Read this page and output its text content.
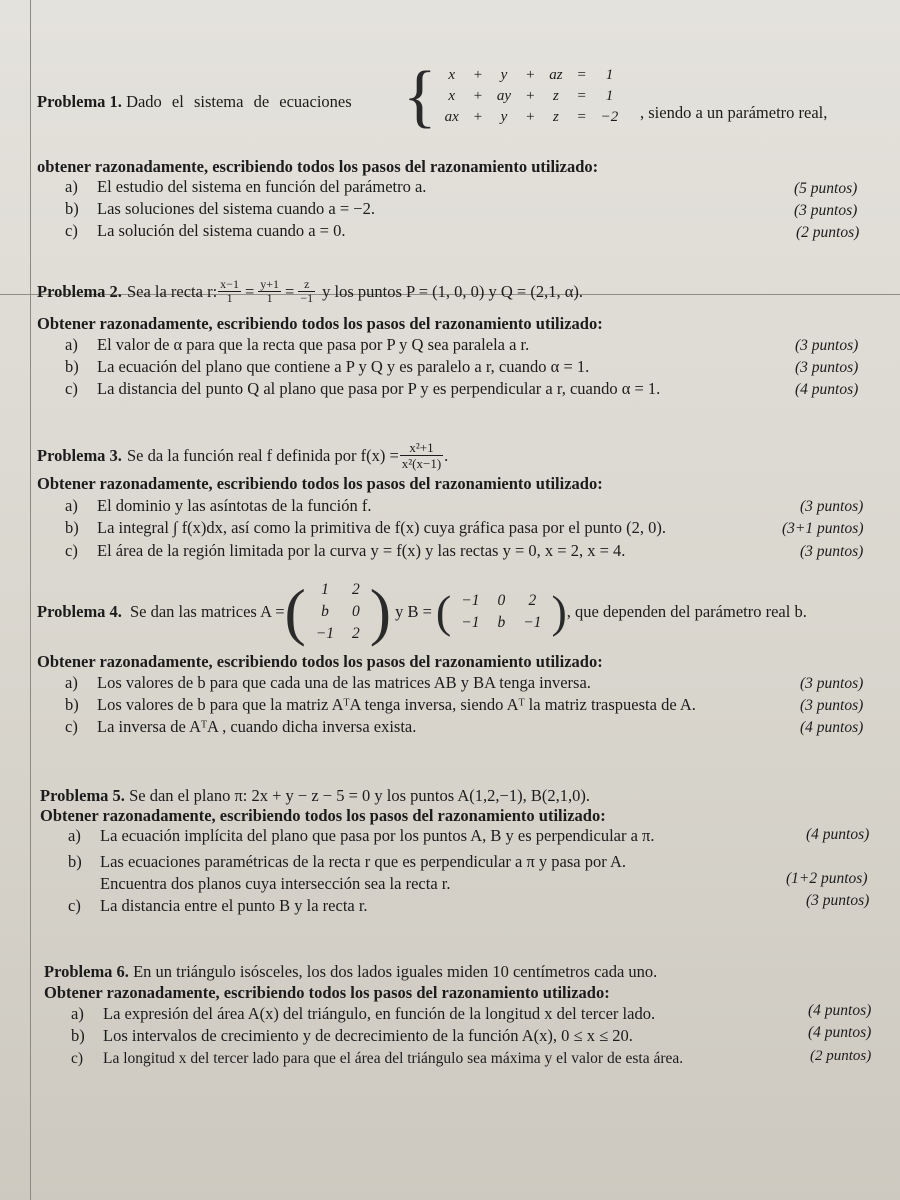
Problema 1. Dado el sistema de ecuaciones { x	+	y	+	az	=	1
x	+	ay	+	z	=	1
ax	+	y	+	z	=	−2 , siendo a un parámetro real,
obtener razonadamente, escribiendo todos los pasos del razonamiento utilizado:
a) El estudio del sistema en función del parámetro a.	(5 puntos)
b) Las soluciones del sistema cuando a = −2.	(3 puntos)
c) La solución del sistema cuando a = 0.	(2 puntos)
Problema 2. Sea la recta r: $\frac{x-1}{1} = \frac{y+1}{1} = \frac{z}{-1}$ y los puntos P = (1, 0, 0) y Q = (2,1, α).
Obtener razonadamente, escribiendo todos los pasos del razonamiento utilizado:
a) El valor de α para que la recta que pasa por P y Q sea paralela a r.	(3 puntos)
b) La ecuación del plano que contiene a P y Q y es paralelo a r, cuando α = 1.	(3 puntos)
c) La distancia del punto Q al plano que pasa por P y es perpendicular a r, cuando α = 1.	(4 puntos)
Problema 3. Se da la función real f definida por $f(x) = \frac{\text{x²+1}}{\text{x²(x−1)}}$ .
Obtener razonadamente, escribiendo todos los pasos del razonamiento utilizado:
a) El dominio y las asíntotas de la función f.	(3 puntos)
b) La integral ∫ f(x)dx, así como la primitiva de f(x) cuya gráfica pasa por el punto (2, 0).	(3+1 puntos)
c) El área de la región limitada por la curva y = f(x) y las rectas y = 0, x = 2, x = 4.	(3 puntos)
Problema 4. Se dan las matrices A = ( 1	2
b	0
−1	2 ) y B = ( −1	0	2
−1	b	−1 ) , que dependen del parámetro real b.
Obtener razonadamente, escribiendo todos los pasos del razonamiento utilizado:
a) Los valores de b para que cada una de las matrices AB y BA tenga inversa.	(3 puntos)
b) Los valores de b para que la matriz AᵀA tenga inversa, siendo Aᵀ la matriz traspuesta de A.	(3 puntos)
c) La inversa de AᵀA , cuando dicha inversa exista.	(4 puntos)
Problema 5. Se dan el plano π: 2x + y − z − 5 = 0 y los puntos A(1,2,−1), B(2,1,0).
Obtener razonadamente, escribiendo todos los pasos del razonamiento utilizado:
a) La ecuación implícita del plano que pasa por los puntos A, B y es perpendicular a π.	(4 puntos)
b) Las ecuaciones paramétricas de la recta r que es perpendicular a π y pasa por A.
Encuentra dos planos cuya intersección sea la recta r.	(1+2 puntos)
c) La distancia entre el punto B y la recta r.	(3 puntos)
Problema 6. En un triángulo isósceles, los dos lados iguales miden 10 centímetros cada uno.
Obtener razonadamente, escribiendo todos los pasos del razonamiento utilizado:
a) La expresión del área A(x) del triángulo, en función de la longitud x del tercer lado.	(4 puntos)
b) Los intervalos de crecimiento y de decrecimiento de la función A(x), 0 ≤ x ≤ 20.	(4 puntos)
c) La longitud x del tercer lado para que el área del triángulo sea máxima y el valor de esta área.	(2 puntos)
